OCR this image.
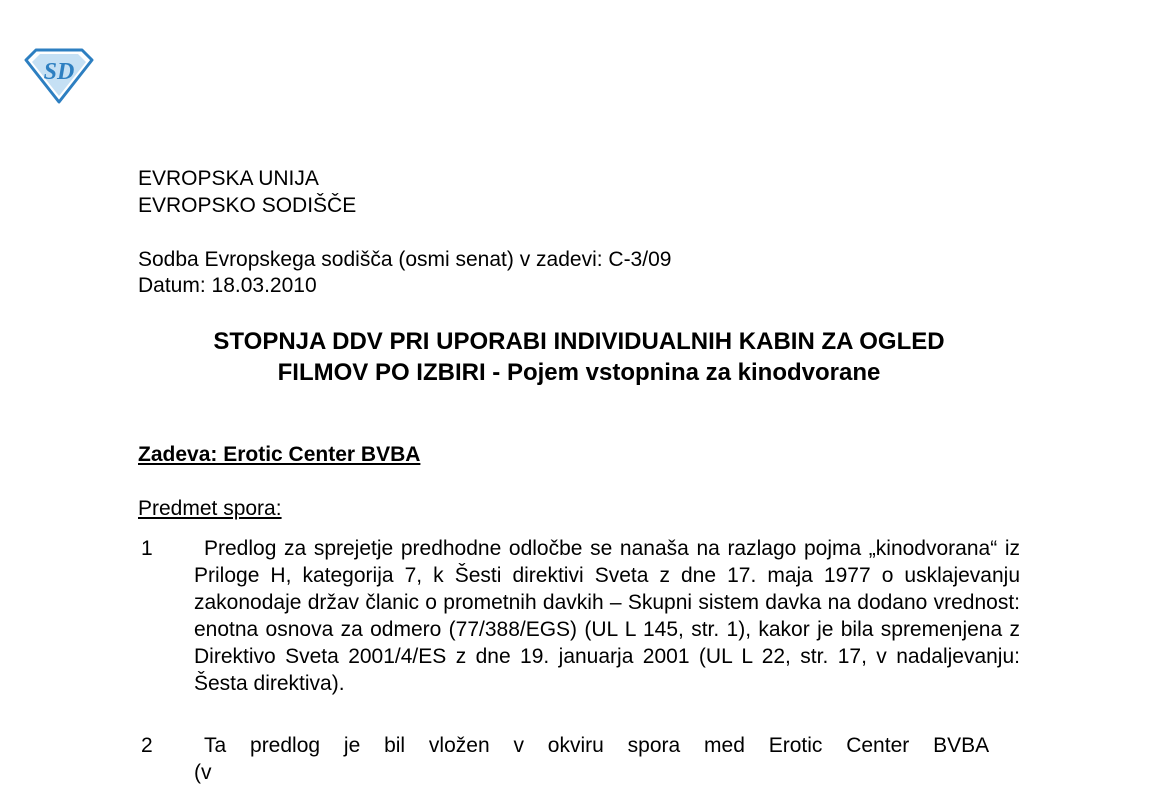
SD
EVROPSKA UNIJA
EVROPSKO SODIŠČE
Sodba Evropskega sodišča (osmi senat) v zadevi: C-3/09
Datum: 18.03.2010
STOPNJA DDV PRI UPORABI INDIVIDUALNIH KABIN ZA OGLED
FILMOV PO IZBIRI - Pojem vstopnina za kinodvorane
Zadeva: Erotic Center BVBA
Predmet spora:
1	Predlog za sprejetje predhodne odločbe se nanaša na razlago pojma „kinodvorana“ iz Priloge H, kategorija 7, k Šesti direktivi Sveta z dne 17. maja 1977 o usklajevanju zakonodaje držav članic o prometnih davkih – Skupni sistem davka na dodano vrednost: enotna osnova za odmero (77/388/EGS) (UL L 145, str. 1), kakor je bila spremenjena z Direktivo Sveta 2001/4/ES z dne 19. januarja 2001 (UL L 22, str. 17, v nadaljevanju: Šesta direktiva).

2	Ta predlog je bil vložen v okviru spora med Erotic Center BVBA (v
